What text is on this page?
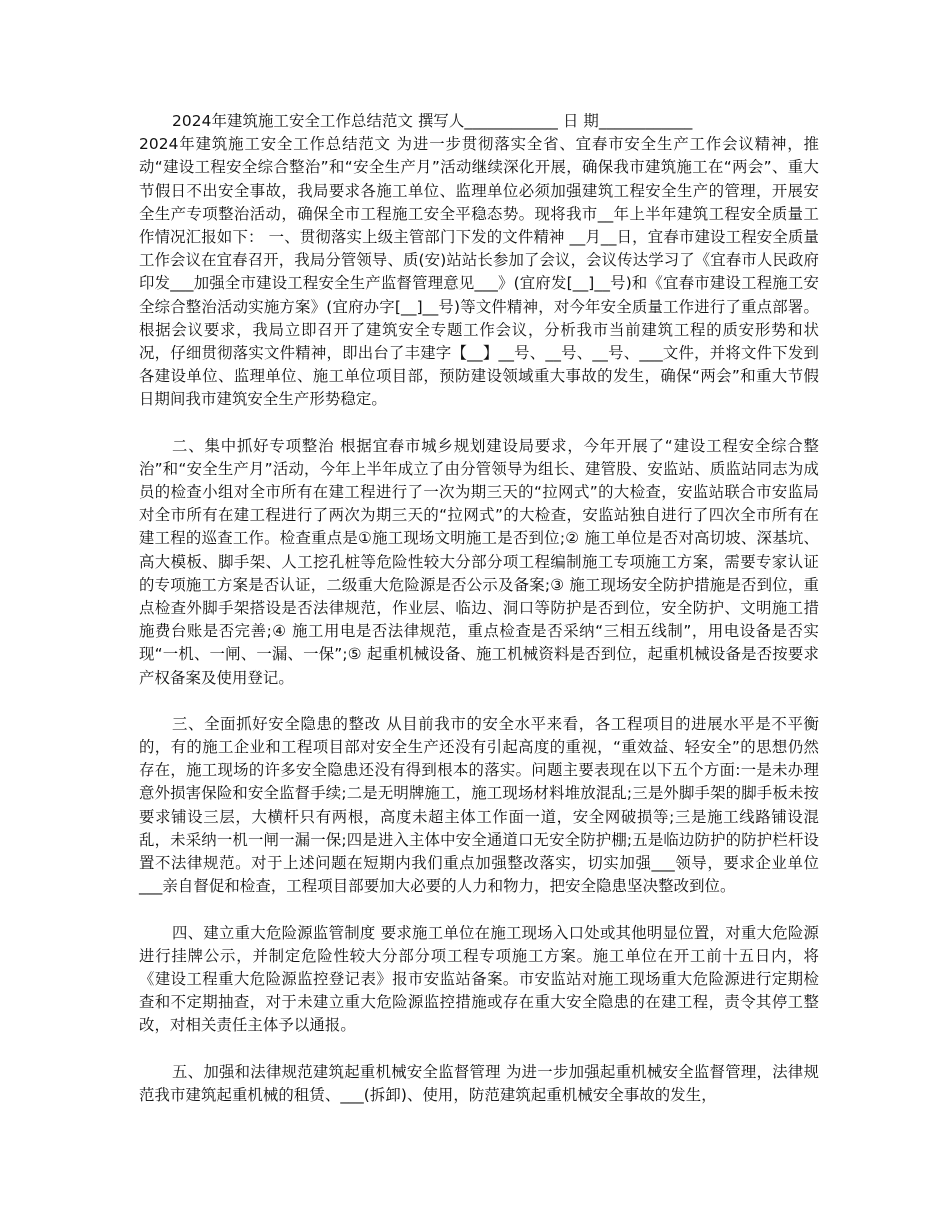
2024年建筑施工安全工作总结范文 撰写人____________ 日 期____________
2024年建筑施工安全工作总结范文 为进一步贯彻落实全省、宜春市安全生产工作会议精神，推动“建设工程安全综合整治”和“安全生产月”活动继续深化开展，确保我市建筑施工在“两会”、重大节假日不出安全事故，我局要求各施工单位、监理单位必须加强建筑工程安全生产的管理，开展安全生产专项整治活动，确保全市工程施工安全平稳态势。现将我市__年上半年建筑工程安全质量工作情况汇报如下： 一、贯彻落实上级主管部门下发的文件精神 __月__日，宜春市建设工程安全质量工作会议在宜春召开，我局分管领导、质(安)站站长参加了会议，会议传达学习了《宜春市人民政府印发___加强全市建设工程安全生产监督管理意见___》(宜府发[__]__号)和《宜春市建设工程施工安全综合整治活动实施方案》(宜府办字[__]__号)等文件精神，对今年安全质量工作进行了重点部署。根据会议要求，我局立即召开了建筑安全专题工作会议，分析我市当前建筑工程的质安形势和状况，仔细贯彻落实文件精神，即出台了丰建字【__】__号、__号、__号、___文件，并将文件下发到各建设单位、监理单位、施工单位项目部，预防建设领域重大事故的发生，确保“两会”和重大节假日期间我市建筑安全生产形势稳定。
二、集中抓好专项整治 根据宜春市城乡规划建设局要求，今年开展了“建设工程安全综合整治”和“安全生产月”活动，今年上半年成立了由分管领导为组长、建管股、安监站、质监站同志为成员的检查小组对全市所有在建工程进行了一次为期三天的“拉网式”的大检查，安监站联合市安监局对全市所有在建工程进行了两次为期三天的“拉网式”的大检查，安监站独自进行了四次全市所有在建工程的巡查工作。检查重点是①施工现场文明施工是否到位;② 施工单位是否对高切坡、深基坑、高大模板、脚手架、人工挖孔桩等危险性较大分部分项工程编制施工专项施工方案，需要专家认证的专项施工方案是否认证，二级重大危险源是否公示及备案;③ 施工现场安全防护措施是否到位，重点检查外脚手架搭设是否法律规范，作业层、临边、洞口等防护是否到位，安全防护、文明施工措施费台账是否完善;④ 施工用电是否法律规范，重点检查是否采纳“三相五线制”，用电设备是否实现“一机、一闸、一漏、一保”;⑤ 起重机械设备、施工机械资料是否到位，起重机械设备是否按要求产权备案及使用登记。
三、全面抓好安全隐患的整改 从目前我市的安全水平来看，各工程项目的进展水平是不平衡的，有的施工企业和工程项目部对安全生产还没有引起高度的重视，“重效益、轻安全”的思想仍然存在，施工现场的许多安全隐患还没有得到根本的落实。问题主要表现在以下五个方面:一是未办理意外损害保险和安全监督手续;二是无明牌施工，施工现场材料堆放混乱;三是外脚手架的脚手板未按要求铺设三层，大横杆只有两根，高度未超主体工作面一道，安全网破损等;三是施工线路铺设混乱，未采纳一机一闸一漏一保;四是进入主体中安全通道口无安全防护棚;五是临边防护的防护栏杆设置不法律规范。对于上述问题在短期内我们重点加强整改落实，切实加强___领导，要求企业单位___亲自督促和检查，工程项目部要加大必要的人力和物力，把安全隐患坚决整改到位。
四、建立重大危险源监管制度 要求施工单位在施工现场入口处或其他明显位置，对重大危险源进行挂牌公示，并制定危险性较大分部分项工程专项施工方案。施工单位在开工前十五日内，将《建设工程重大危险源监控登记表》报市安监站备案。市安监站对施工现场重大危险源进行定期检查和不定期抽查，对于未建立重大危险源监控措施或存在重大安全隐患的在建工程，责令其停工整改，对相关责任主体予以通报。
五、加强和法律规范建筑起重机械安全监督管理 为进一步加强起重机械安全监督管理，法律规范我市建筑起重机械的租赁、___(拆卸)、使用，防范建筑起重机械安全事故的发生，
